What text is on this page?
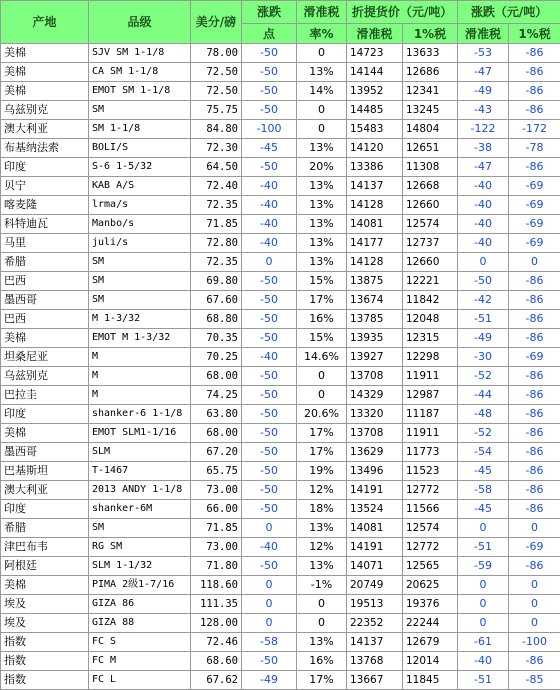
产地	品级	美分/磅	涨跌	滑准税	折提货价（元/吨）		涨跌（元/吨）	
			点	率%	滑准税	1%税	滑准税	1%税
美棉	SJV SM 1-1/8	78.00	-50	0	14723	13633	-53	-86
美棉	CA SM 1-1/8	72.50	-50	13%	14144	12686	-47	-86
美棉	EMOT SM 1-1/8	72.50	-50	14%	13952	12341	-49	-86
乌兹别克	SM	75.75	-50	0	14485	13245	-43	-86
澳大利亚	SM 1-1/8	84.80	-100	0	15483	14804	-122	-172
布基纳法索	BOLI/S	72.30	-45	13%	14120	12651	-38	-78
印度	S-6 1-5/32	64.50	-50	20%	13386	11308	-47	-86
贝宁	KAB A/S	72.40	-40	13%	14137	12668	-40	-69
喀麦隆	lrma/s	72.35	-40	13%	14128	12660	-40	-69
科特迪瓦	Manbo/s	71.85	-40	13%	14081	12574	-40	-69
马里	juli/s	72.80	-40	13%	14177	12737	-40	-69
希腊	SM	72.35	0	13%	14128	12660	0	0
巴西	SM	69.80	-50	15%	13875	12221	-50	-86
墨西哥	SM	67.60	-50	17%	13674	11842	-42	-86
巴西	M 1-3/32	68.80	-50	16%	13785	12048	-51	-86
美棉	EMOT M 1-3/32	70.35	-50	15%	13935	12315	-49	-86
坦桑尼亚	M	70.25	-40	14.6%	13927	12298	-30	-69
乌兹别克	M	68.00	-50	0	13708	11911	-52	-86
巴拉圭	M	74.25	-50	0	14329	12987	-44	-86
印度	shanker-6 1-1/8	63.80	-50	20.6%	13320	11187	-48	-86
美棉	EMOT SLM1-1/16	68.00	-50	17%	13708	11911	-52	-86
墨西哥	SLM	67.20	-50	17%	13629	11773	-54	-86
巴基斯坦	T-1467	65.75	-50	19%	13496	11523	-45	-86
澳大利亚	2013 ANDY 1-1/8	73.00	-50	12%	14191	12772	-58	-86
印度	shanker-6M	66.00	-50	18%	13524	11566	-45	-86
希腊	SM	71.85	0	13%	14081	12574	0	0
津巴布韦	RG SM	73.00	-40	12%	14191	12772	-51	-69
阿根廷	SLM 1-1/32	71.80	-50	13%	14071	12565	-59	-86
美棉	PIMA 2级1-7/16	118.60	0	-1%	20749	20625	0	0
埃及	GIZA 86	111.35	0	0	19513	19376	0	0
埃及	GIZA 88	128.00	0	0	22352	22244	0	0
指数	FC S	72.46	-58	13%	14137	12679	-61	-100
指数	FC M	68.60	-50	16%	13768	12014	-40	-86
指数	FC L	67.62	-49	17%	13667	11845	-51	-85
